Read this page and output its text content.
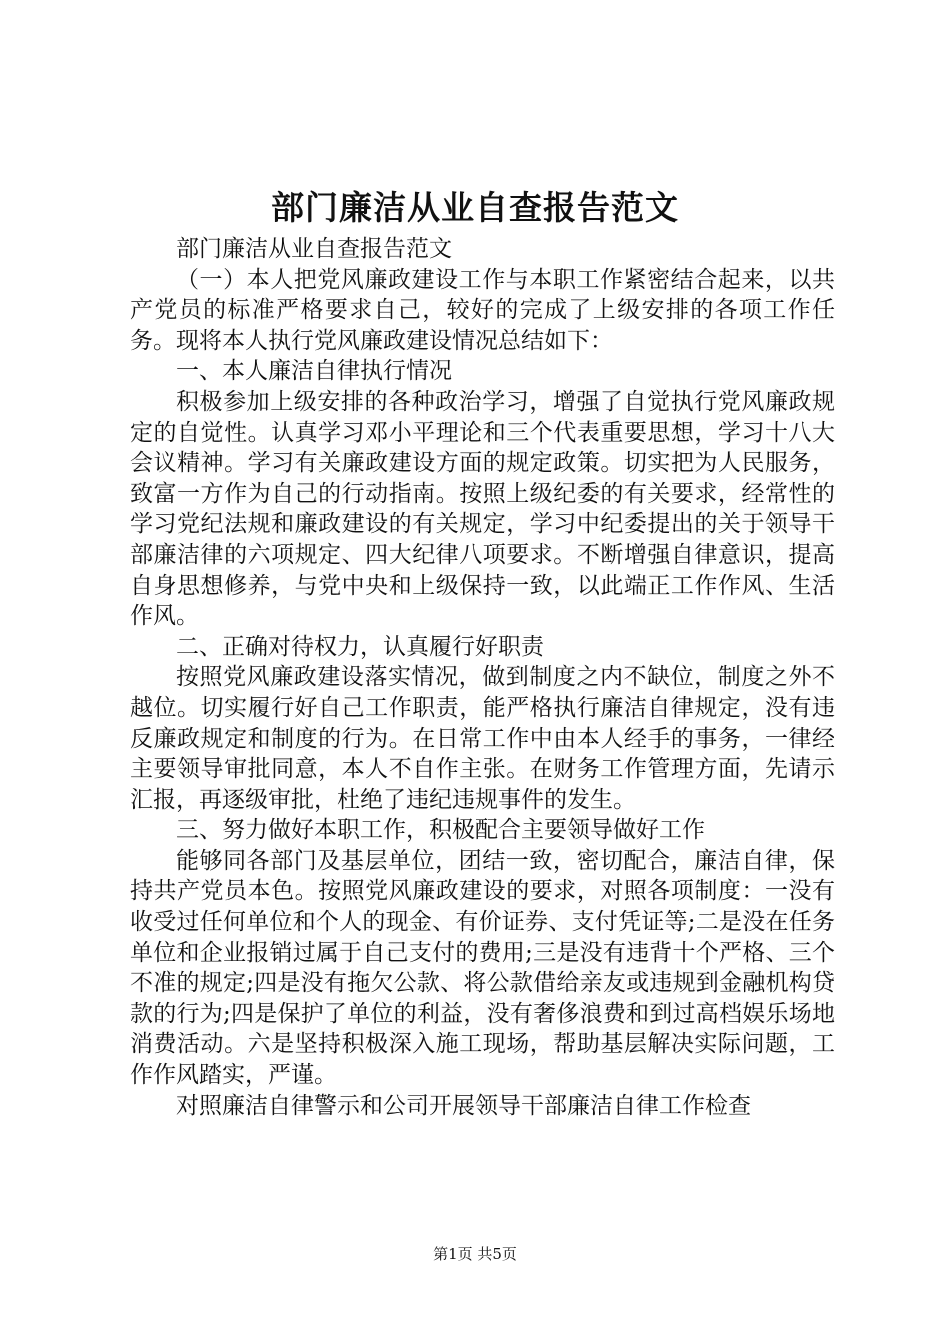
部门廉洁从业自查报告范文

部门廉洁从业自查报告范文

（一）本人把党风廉政建设工作与本职工作紧密结合起来，以共产党员的标准严格要求自己，较好的完成了上级安排的各项工作任务。现将本人执行党风廉政建设情况总结如下：

一、本人廉洁自律执行情况

积极参加上级安排的各种政治学习，增强了自觉执行党风廉政规定的自觉性。认真学习邓小平理论和三个代表重要思想，学习十八大会议精神。学习有关廉政建设方面的规定政策。切实把为人民服务，致富一方作为自己的行动指南。按照上级纪委的有关要求，经常性的学习党纪法规和廉政建设的有关规定，学习中纪委提出的关于领导干部廉洁律的六项规定、四大纪律八项要求。不断增强自律意识，提高自身思想修养，与党中央和上级保持一致，以此端正工作作风、生活作风。

二、正确对待权力，认真履行好职责

按照党风廉政建设落实情况，做到制度之内不缺位，制度之外不越位。切实履行好自己工作职责，能严格执行廉洁自律规定，没有违反廉政规定和制度的行为。在日常工作中由本人经手的事务，一律经主要领导审批同意，本人不自作主张。在财务工作管理方面，先请示汇报，再逐级审批，杜绝了违纪违规事件的发生。

三、努力做好本职工作，积极配合主要领导做好工作

能够同各部门及基层单位，团结一致，密切配合，廉洁自律，保持共产党员本色。按照党风廉政建设的要求，对照各项制度：一没有收受过任何单位和个人的现金、有价证券、支付凭证等;二是没在任务单位和企业报销过属于自己支付的费用;三是没有违背十个严格、三个不准的规定;四是没有拖欠公款、将公款借给亲友或违规到金融机构贷款的行为;四是保护了单位的利益，没有奢侈浪费和到过高档娱乐场地消费活动。六是坚持积极深入施工现场，帮助基层解决实际问题，工作作风踏实，严谨。

对照廉洁自律警示和公司开展领导干部廉洁自律工作检查

第1页 共5页
